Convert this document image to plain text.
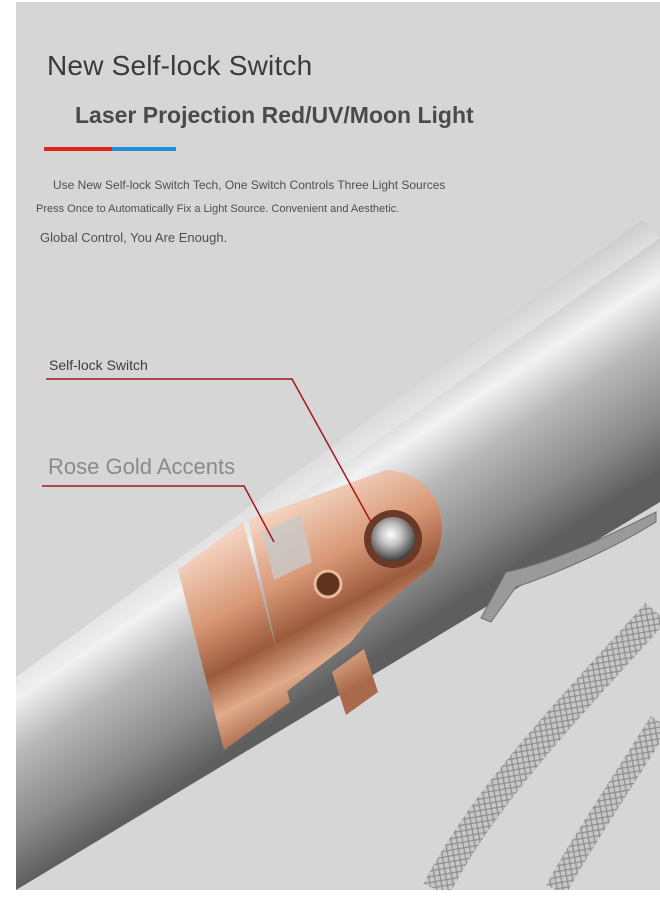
New Self-lock Switch
Laser Projection Red/UV/Moon Light

Use New Self-lock Switch Tech, One Switch Controls Three Light Sources

Press Once to Automatically Fix a Light Source. Convenient and Aesthetic.

Global Control, You Are Enough.

Self-lock Switch

Rose Gold Accents
